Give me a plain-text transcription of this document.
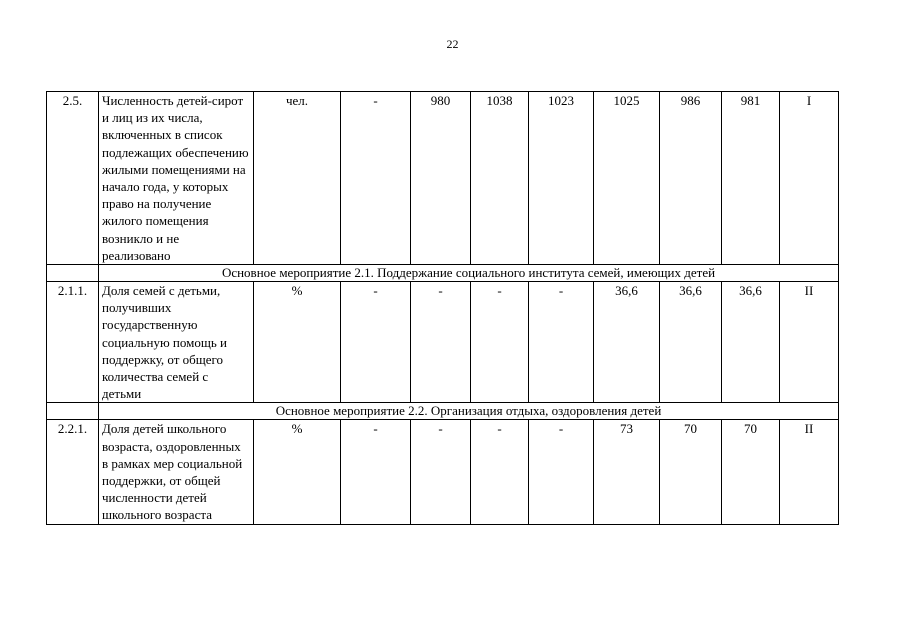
22
2.5.	Численность детей-сирот и лиц из их числа, включенных в список подлежащих обеспечению жилыми помещениями на начало года, у которых право на получение жилого помещения возникло и не реализовано	чел.	-	980	1038	1023	1025	986	981	I
	Основное мероприятие 2.1. Поддержание социального института семей, имеющих детей									
2.1.1.	Доля семей с детьми, получивших государственную социальную помощь и поддержку, от общего количества семей с детьми	%	-	-	-	-	36,6	36,6	36,6	II
	Основное мероприятие 2.2. Организация отдыха, оздоровления детей									
2.2.1.	Доля детей школьного возраста, оздоровленных в рамках мер социальной поддержки, от общей численности детей школьного возраста	%	-	-	-	-	73	70	70	II
